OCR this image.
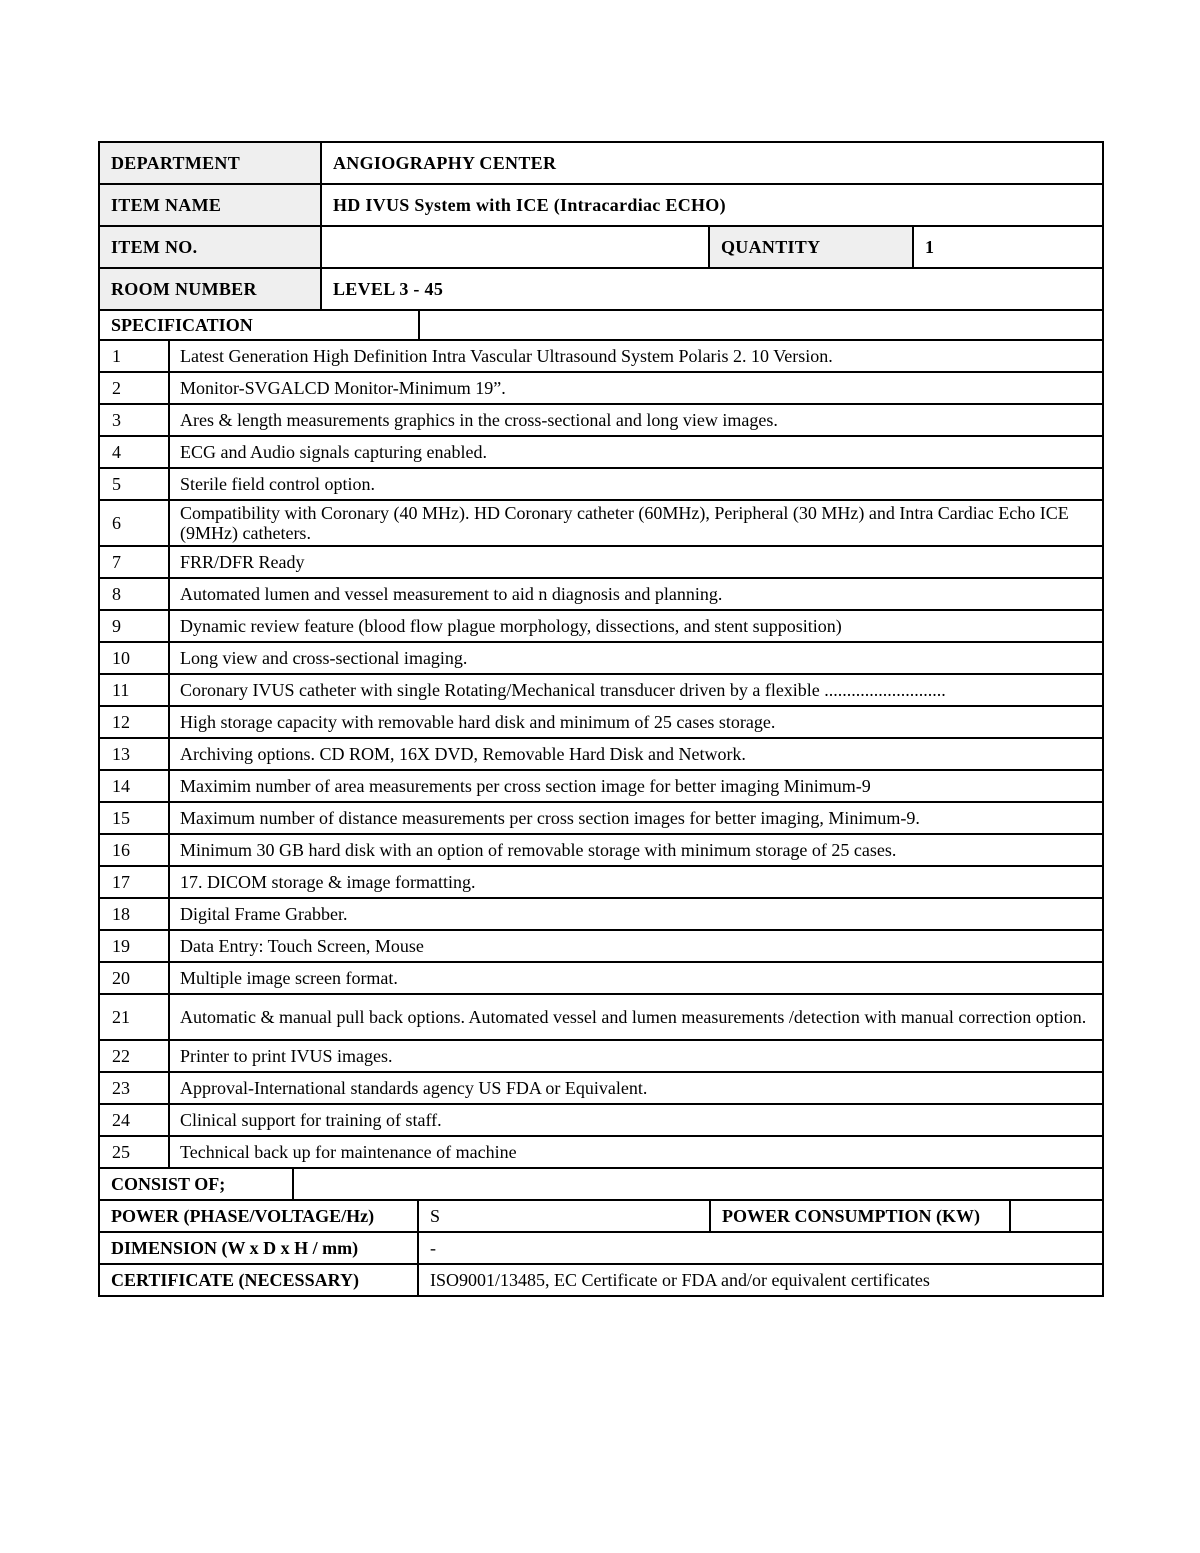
DEPARTMENT	ANGIOGRAPHY CENTER		
ITEM NAME	HD IVUS System with ICE (Intracardiac ECHO)		
ITEM NO.		QUANTITY	1
ROOM NUMBER	LEVEL 3 - 45		
SPECIFICATION		
1	Latest Generation High Definition Intra Vascular Ultrasound System Polaris 2. 10 Version.	
2	Monitor-SVGALCD Monitor-Minimum 19”.	
3	Ares & length measurements graphics in the cross-sectional and long view images.	
4	ECG and Audio signals capturing enabled.	
5	Sterile field control option.	
6	Compatibility with Coronary (40 MHz). HD Coronary catheter (60MHz), Peripheral (30 MHz) and Intra Cardiac Echo ICE (9MHz) catheters.	
7	FRR/DFR Ready	
8	Automated lumen and vessel measurement to aid n diagnosis and planning.	
9	Dynamic review feature (blood flow plague morphology, dissections, and stent supposition)	
10	Long view and cross-sectional imaging.	
11	Coronary IVUS catheter with single Rotating/Mechanical transducer driven by a flexible ...........................	
12	High storage capacity with removable hard disk and minimum of 25 cases storage.	
13	Archiving options. CD ROM, 16X DVD, Removable Hard Disk and Network.	
14	Maximim number of area measurements per cross section image for better imaging Minimum-9	
15	Maximum number of distance measurements per cross section images for better imaging, Minimum-9.	
16	Minimum 30 GB hard disk with an option of removable storage with minimum storage of 25 cases.	
17	17. DICOM storage & image formatting.	
18	Digital Frame Grabber.	
19	Data Entry: Touch Screen, Mouse	
20	Multiple image screen format.	
21	Automatic & manual pull back options. Automated vessel and lumen measurements /detection with manual correction option.	
22	Printer to print IVUS images.	
23	Approval-International standards agency US FDA or Equivalent.	
24	Clinical support for training of staff.	
25	Technical back up for maintenance of machine	
CONSIST OF;				
POWER (PHASE/VOLTAGE/Hz)		S	POWER CONSUMPTION (KW)	
DIMENSION (W x D x H / mm)		-		
CERTIFICATE (NECESSARY)		ISO9001/13485, EC Certificate or FDA and/or equivalent certificates		
